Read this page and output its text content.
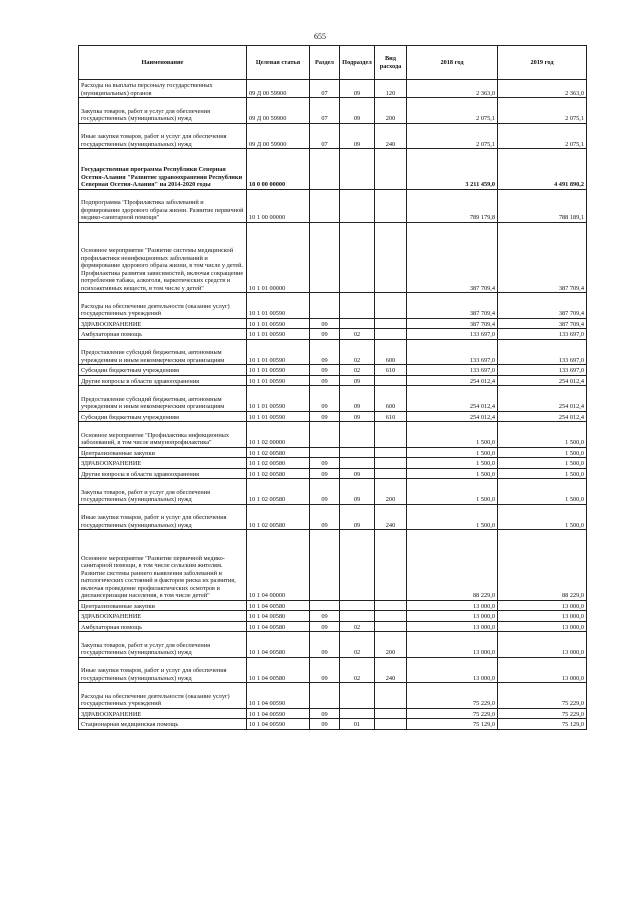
655
Наименование	Целевая статья	Раздел	Подраздел	Вид расхода	2018 год	2019 год
Расходы на выплаты персоналу государственных (муниципальных) органов	09 Д 00 59900	07	09	120	2 363,0	2 363,0
Закупка товаров, работ и услуг для обеспечения государственных (муниципальных) нужд	09 Д 00 59900	07	09	200	2 075,1	2 075,1
Иные закупки товаров, работ и услуг для обеспечения государственных (муниципальных) нужд	09 Д 00 59900	07	09	240	2 075,1	2 075,1
Государственная программа Республики Северная Осетия-Алания "Развитие здравоохранения Республики Северная Осетия-Алания" на 2014-2020 годы	10 0 00 00000				3 211 459,0	4 491 890,2
Подпрограмма "Профилактика заболеваний и формирование здорового образа жизни. Развитие первичной медико-санитарной помощи"	10 1 00 00000				789 179,8	788 189,1
Основное мероприятие "Развитие системы медицинской профилактики неинфекционных заболеваний и формирование здорового образа жизни, в том числе у детей. Профилактика развития зависимостей, включая сокращение потребления табака, алкоголя, наркотических средств и психоактивных веществ, в том числе у детей"	10 1 01 00000				387 709,4	387 709,4
Расходы на обеспечение деятельности (оказание услуг) государственных учреждений	10 1 01 00590				387 709,4	387 709,4
ЗДРАВООХРАНЕНИЕ	10 1 01 00590	09			387 709,4	387 709,4
Амбулаторная помощь	10 1 01 00590	09	02		133 697,0	133 697,0
Предоставление субсидий бюджетным, автономным учреждениям и иным некоммерческим организациям	10 1 01 00590	09	02	600	133 697,0	133 697,0
Субсидии бюджетным учреждениям	10 1 01 00590	09	02	610	133 697,0	133 697,0
Другие вопросы в области здравоохранения	10 1 01 00590	09	09		254 012,4	254 012,4
Предоставление субсидий бюджетным, автономным учреждениям и иным некоммерческим организациям	10 1 01 00590	09	09	600	254 012,4	254 012,4
Субсидии бюджетным учреждениям	10 1 01 00590	09	09	610	254 012,4	254 012,4
Основное мероприятие "Профилактика инфекционных заболеваний, в том числе иммунопрофилактика"	10 1 02 00000				1 500,0	1 500,0
Централизованные закупки	10 1 02 00580				1 500,0	1 500,0
ЗДРАВООХРАНЕНИЕ	10 1 02 00580	09			1 500,0	1 500,0
Другие вопросы в области здравоохранения	10 1 02 00580	09	09		1 500,0	1 500,0
Закупка товаров, работ и услуг для обеспечения государственных (муниципальных) нужд	10 1 02 00580	09	09	200	1 500,0	1 500,0
Иные закупки товаров, работ и услуг для обеспечения государственных (муниципальных) нужд	10 1 02 00580	09	09	240	1 500,0	1 500,0
Основное мероприятие "Развитие первичной медико-санитарной помощи, в том числе сельским жителям. Развитие системы раннего выявления заболеваний и патологических состояний и факторов риска их развития, включая проведение профилактических осмотров и диспансеризации населения, в том числе детей"	10 1 04 00000				88 229,0	88 229,0
Централизованные закупки	10 1 04 00580				13 000,0	13 000,0
ЗДРАВООХРАНЕНИЕ	10 1 04 00580	09			13 000,0	13 000,0
Амбулаторная помощь	10 1 04 00580	09	02		13 000,0	13 000,0
Закупка товаров, работ и услуг для обеспечения государственных (муниципальных) нужд	10 1 04 00580	09	02	200	13 000,0	13 000,0
Иные закупки товаров, работ и услуг для обеспечения государственных (муниципальных) нужд	10 1 04 00580	09	02	240	13 000,0	13 000,0
Расходы на обеспечение деятельности (оказание услуг) государственных учреждений	10 1 04 00590				75 229,0	75 229,0
ЗДРАВООХРАНЕНИЕ	10 1 04 00590	09			75 229,0	75 229,0
Стационарная медицинская помощь	10 1 04 00590	09	01		75 129,0	75 129,0
